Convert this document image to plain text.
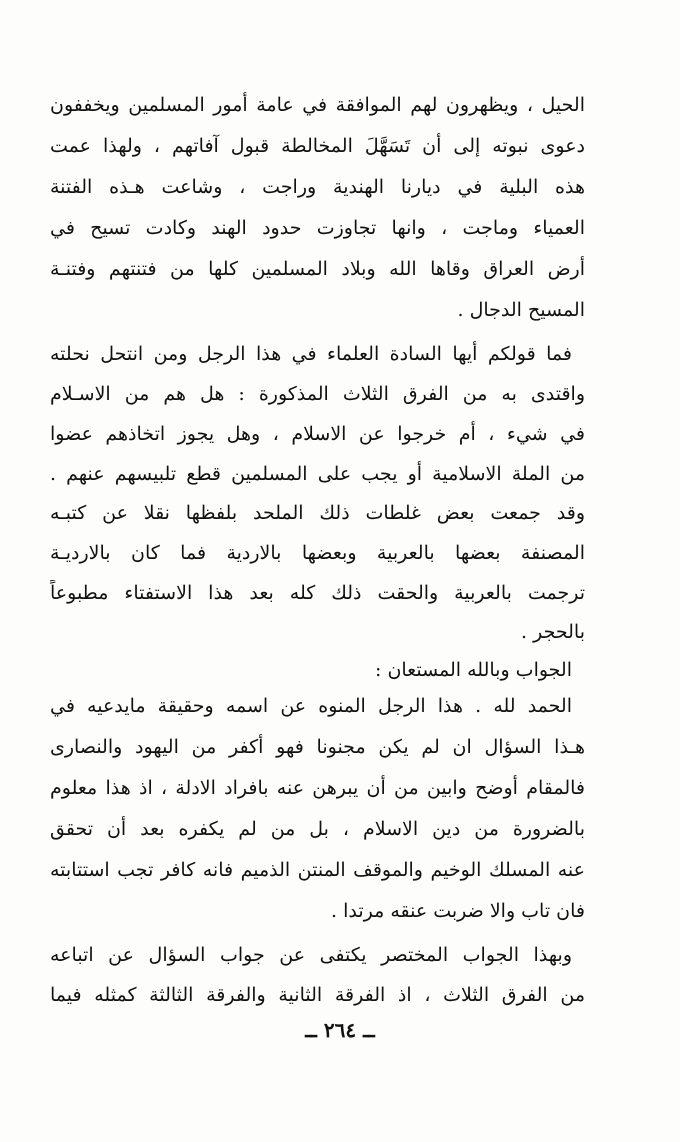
الحيل ، ويظهرون لهم الموافقة في عامة أمور المسلمين ويخففون
دعوى نبوته إلى أن تَسَهَّلَ المخالطة قبول آفاتهم ، ولهذا عمت
هذه البلية في ديارنا الهندية وراجت ، وشاعت هـذه الفتنة
العمياء وماجت ، وانها تجاوزت حدود الهند وكادت تسيح في
أرض العراق وقاها الله وبلاد المسلمين كلها من فتنتهم وفتنـة
المسيح الدجال .
فما قولكم أيها السادة العلماء في هذا الرجل ومن انتحل نحلته
واقتدى به من الفرق الثلاث المذكورة : هل هم من الاسـلام
في شيء ، أم خرجوا عن الاسلام ، وهل يجوز اتخاذهم عضوا
من الملة الاسلامية أو يجب على المسلمين قطع تلبيسهم عنهم .
وقد جمعت بعض غلطات ذلك الملحد بلفظها نقلا عن كتبـه
المصنفة بعضها بالعربية وبعضها بالاردية فما كان بالارديـة
ترجمت بالعربية والحقت ذلك كله بعد هذا الاستفتاء مطبوعاً
بالحجر .
الجواب وبالله المستعان :
الحمد لله . هذا الرجل المنوه عن اسمه وحقيقة مايدعيه في
هـذا السؤال ان لم يكن مجنونا فهو أكفر من اليهود والنصارى
فالمقام أوضح وابين من أن يبرهن عنه بافراد الادلة ، اذ هذا معلوم
بالضرورة من دين الاسلام ، بل من لم يكفره بعد أن تحقق
عنه المسلك الوخيم والموقف المنتن الذميم فانه كافر تجب استتابته
فان تاب والا ضربت عنقه مرتدا .
وبهذا الجواب المختصر يكتفى عن جواب السؤال عن اتباعه
من الفرق الثلاث ، اذ الفرقة الثانية والفرقة الثالثة كمثله فيما
ــ ٢٦٤ ــ
